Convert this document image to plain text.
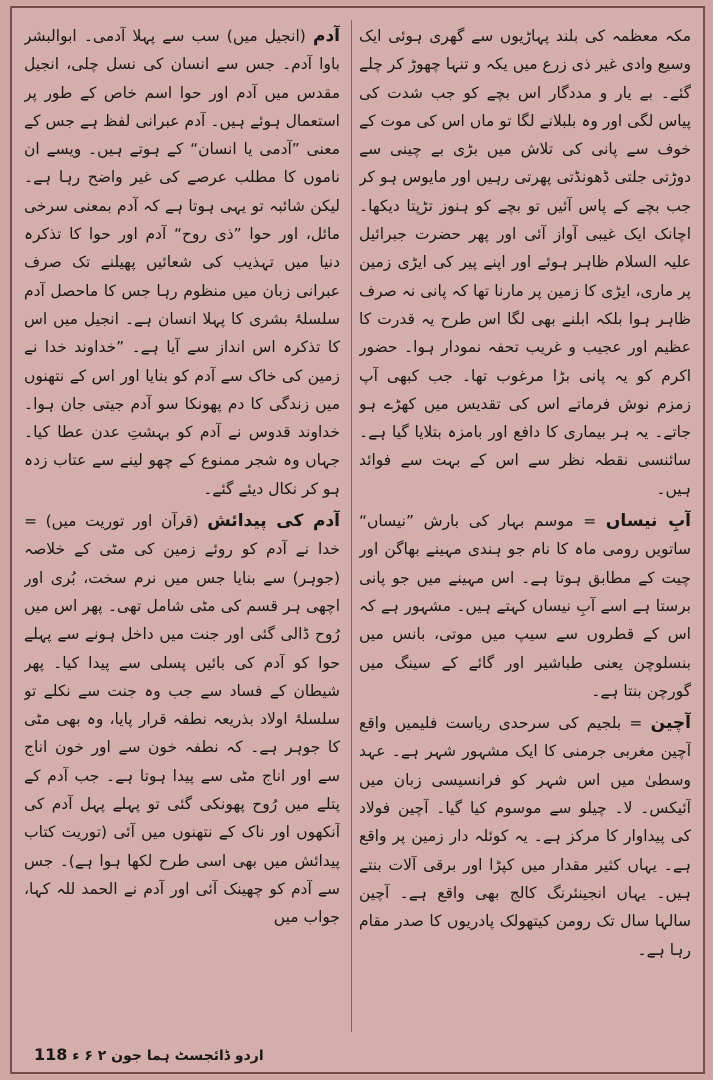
مکہ معظمہ کی بلند پہاڑیوں سے گھری ہوئی ایک وسیع وادی غیر ذی زرع میں یکہ و تنہا چھوڑ کر چلے گئے۔ بے یار و مددگار اس بچے کو جب شدت کی پیاس لگی اور وہ بلبلانے لگا تو ماں اس کی موت کے خوف سے پانی کی تلاش میں بڑی بے چینی سے دوڑتی جلتی ڈھونڈتی پھرتی رہیں اور مایوس ہو کر جب بچے کے پاس آئیں تو بچے کو ہنوز تڑپتا دیکھا۔ اچانک ایک غیبی آواز آئی اور پھر حضرت جبرائیل علیہ السلام ظاہر ہوئے اور اپنے پیر کی ایڑی زمین پر ماری، ایڑی کا زمین پر مارنا تھا کہ پانی نہ صرف ظاہر ہوا بلکہ ابلنے بھی لگا اس طرح یہ قدرت کا عظیم اور عجیب و غریب تحفہ نمودار ہوا۔ حضور اکرم کو یہ پانی بڑا مرغوب تھا۔ جب کبھی آپ زمزم نوش فرماتے اس کی تقدیس میں کھڑے ہو جاتے۔ یہ ہر بیماری کا دافع اور بامزہ بتلایا گیا ہے۔ سائنسی نقطہ نظر سے اس کے بہت سے فوائد ہیں۔

آبِ نیساں = موسم بہار کی بارش ”نیساں“ ساتویں رومی ماہ کا نام جو ہندی مہینے بھاگن اور چیت کے مطابق ہوتا ہے۔ اس مہینے میں جو پانی برستا ہے اسے آبِ نیساں کہتے ہیں۔ مشہور ہے کہ اس کے قطروں سے سیپ میں موتی، بانس میں بنسلوچن یعنی طباشیر اور گائے کے سینگ میں گورچن بنتا ہے۔

آچین = بلجیم کی سرحدی ریاست فلیمیں واقع آچین مغربی جرمنی کا ایک مشہور شہر ہے۔ عہد وسطیٰ میں اس شہر کو فرانسیسی زبان میں آئیکس۔ لا۔ چیلو سے موسوم کیا گیا۔ آچین فولاد کی پیداوار کا مرکز ہے۔ یہ کوئلہ دار زمین پر واقع ہے۔ یہاں کثیر مقدار میں کپڑا اور برقی آلات بنتے ہیں۔ یہاں انجینئرنگ کالج بھی واقع ہے۔ آچین سالہا سال تک رومن کیتھولک پادریوں کا صدر مقام رہا ہے۔

آدم (انجیل میں) سب سے پہلا آدمی۔ ابوالبشر باوا آدم۔ جس سے انسان کی نسل چلی، انجیل مقدس میں آدم اور حوا اسم خاص کے طور پر استعمال ہوئے ہیں۔ آدم عبرانی لفظ ہے جس کے معنی ”آدمی یا انسان“ کے ہوتے ہیں۔ ویسے ان ناموں کا مطلب عرصے کی غیر واضح رہا ہے۔ لیکن شائبہ تو یہی ہوتا ہے کہ آدم بمعنی سرخی مائل، اور حوا ”ذی روح“ آدم اور حوا کا تذکرہ دنیا میں تہذیب کی شعائیں پھیلنے تک صرف عبرانی زبان میں منظوم رہا جس کا ماحصل آدم سلسلۂ بشری کا پہلا انسان ہے۔ انجیل میں اس کا تذکرہ اس انداز سے آیا ہے۔ ”خداوند خدا نے زمین کی خاک سے آدم کو بنایا اور اس کے نتھنوں میں زندگی کا دم پھونکا سو آدم جیتی جان ہوا۔ خداوند قدوس نے آدم کو بہشتِ عدن عطا کیا۔ جہاں وہ شجر ممنوع کے چھو لینے سے عتاب زدہ ہو کر نکال دیئے گئے۔

آدم کی پیدائش (قرآن اور توریت میں) = خدا نے آدم کو روئے زمین کی مٹی کے خلاصہ (جوہر) سے بنایا جس میں نرم سخت، بُری اور اچھی ہر قسم کی مٹی شامل تھی۔ پھر اس میں رُوح ڈالی گئی اور جنت میں داخل ہونے سے پہلے حوا کو آدم کی بائیں پسلی سے پیدا کیا۔ پھر شیطان کے فساد سے جب وہ جنت سے نکلے تو سلسلۂ اولاد بذریعہ نطفہ قرار پایا، وہ بھی مٹی کا جوہر ہے۔ کہ نطفہ خون سے اور خون اناج سے اور اناج مٹی سے پیدا ہوتا ہے۔ جب آدم کے پتلے میں رُوح پھونکی گئی تو پہلے پہل آدم کی آنکھوں اور ناک کے نتھنوں میں آئی (توریت کتاب پیدائش میں بھی اسی طرح لکھا ہوا ہے)۔ جس سے آدم کو چھینک آئی اور آدم نے الحمد للہ کہا، جواب میں

اردو ڈائجسٹ ہما جون ۲ ۶ ء 118
